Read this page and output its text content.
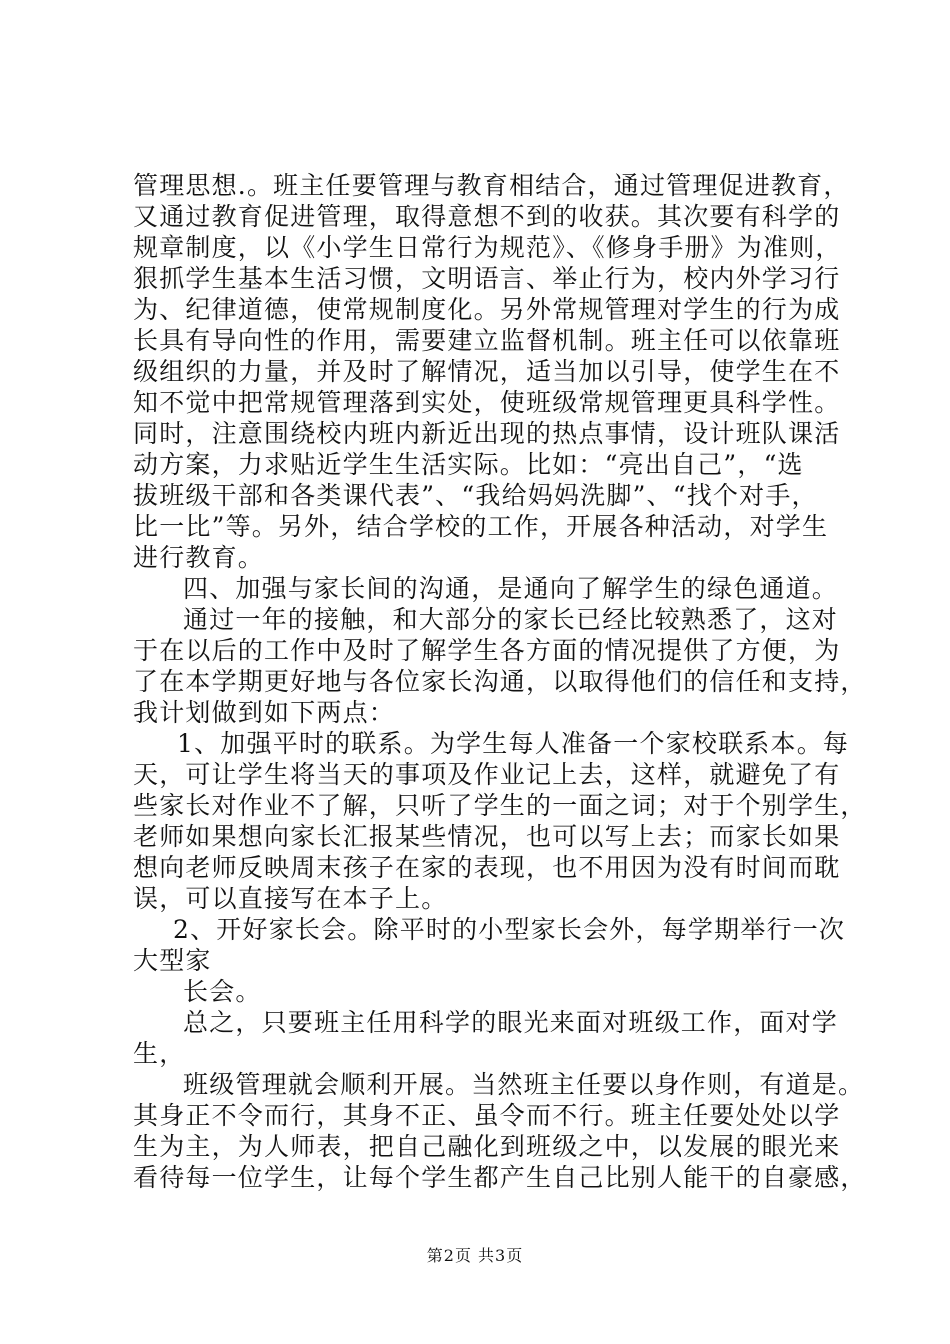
管理思想.。班主任要管理与教育相结合，通过管理促进教育，
又通过教育促进管理，取得意想不到的收获。其次要有科学的
规章制度，以《小学生日常行为规范》、《修身手册》为准则，
狠抓学生基本生活习惯，文明语言、举止行为，校内外学习行
为、纪律道德，使常规制度化。另外常规管理对学生的行为成
长具有导向性的作用，需要建立监督机制。班主任可以依靠班
级组织的力量，并及时了解情况，适当加以引导，使学生在不
知不觉中把常规管理落到实处，使班级常规管理更具科学性。
同时，注意围绕校内班内新近出现的热点事情，设计班队课活
动方案，力求贴近学生生活实际。比如：“亮出自己”，“选
拔班级干部和各类课代表”、“我给妈妈洗脚”、“找个对手，
比一比”等。另外，结合学校的工作，开展各种活动，对学生
进行教育。
四、加强与家长间的沟通，是通向了解学生的绿色通道。
通过一年的接触，和大部分的家长已经比较熟悉了，这对
于在以后的工作中及时了解学生各方面的情况提供了方便，为
了在本学期更好地与各位家长沟通，以取得他们的信任和支持，
我计划做到如下两点：
1、加强平时的联系。为学生每人准备一个家校联系本。每
天，可让学生将当天的事项及作业记上去，这样，就避免了有
些家长对作业不了解，只听了学生的一面之词；对于个别学生，
老师如果想向家长汇报某些情况，也可以写上去；而家长如果
想向老师反映周末孩子在家的表现，也不用因为没有时间而耽
误，可以直接写在本子上。
2、开好家长会。除平时的小型家长会外，每学期举行一次
大型家
长会。
总之，只要班主任用科学的眼光来面对班级工作，面对学
生，
班级管理就会顺利开展。当然班主任要以身作则，有道是。
其身正不令而行，其身不正、虽令而不行。班主任要处处以学
生为主，为人师表，把自己融化到班级之中，以发展的眼光来
看待每一位学生，让每个学生都产生自己比别人能干的自豪感，
第2页 共3页
